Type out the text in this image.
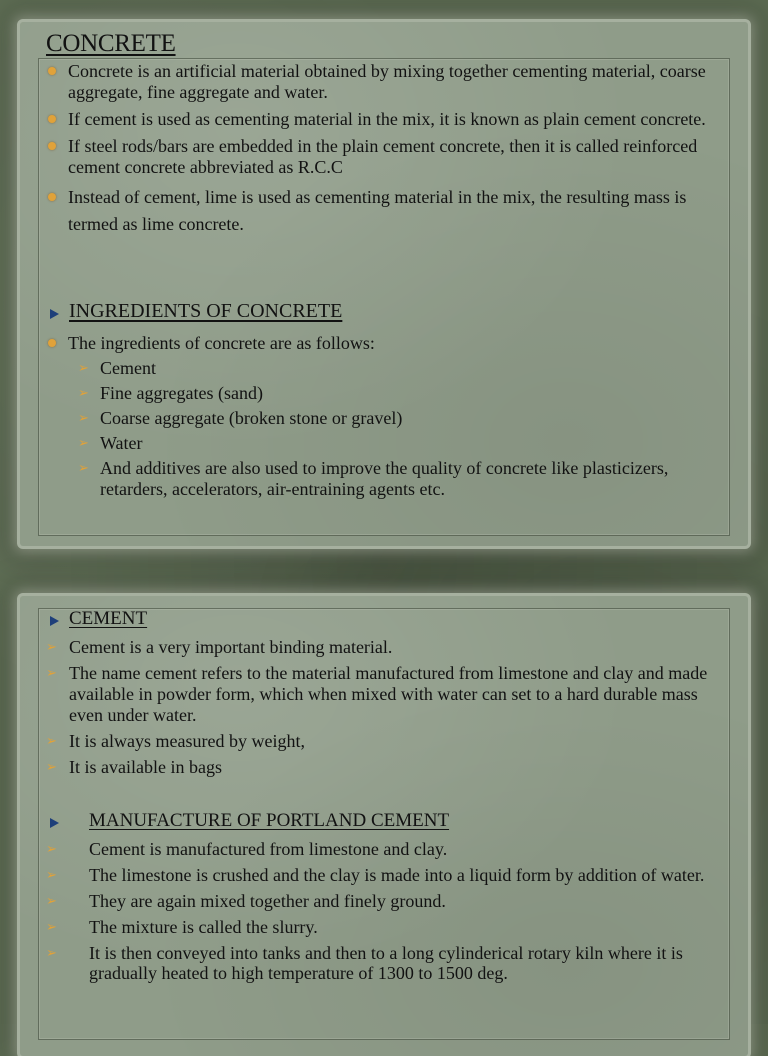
CONCRETE
Concrete is an artificial material obtained by mixing together cementing material, coarse aggregate, fine aggregate and water.
If cement is used as cementing material in the mix, it is known as plain cement concrete.
If steel rods/bars are embedded in the plain cement concrete, then it is called reinforced cement concrete abbreviated as R.C.C
Instead of cement, lime is used as cementing material in the mix, the resulting mass is termed as lime concrete.
INGREDIENTS OF CONCRETE
The ingredients of concrete are as follows:
➢ Cement
➢ Fine aggregates (sand)
➢ Coarse aggregate (broken stone or gravel)
➢ Water
➢ And additives are also used to improve the quality of concrete like plasticizers, retarders, accelerators, air-entraining agents etc.
CEMENT
➢ Cement is a very important binding material.
➢ The name cement refers to the material manufactured from limestone and clay and made available in powder form, which when mixed with water can set to a hard durable mass even under water.
➢ It is always measured by weight,
➢ It is available in bags
MANUFACTURE OF PORTLAND CEMENT
➢ Cement is manufactured from limestone and clay.
➢ The limestone is crushed and the clay is made into a liquid form by addition of water.
➢ They are again mixed together and finely ground.
➢ The mixture is called the slurry.
➢ It is then conveyed into tanks and then to a long cylinderical rotary kiln where it is gradually heated to high temperature of 1300 to 1500 deg.
